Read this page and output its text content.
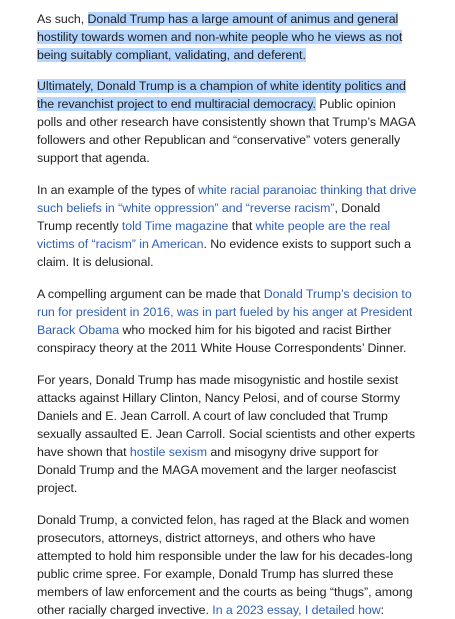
As such, Donald Trump has a large amount of animus and general hostility towards women and non-white people who he views as not being suitably compliant, validating, and deferent.

Ultimately, Donald Trump is a champion of white identity politics and the revanchist project to end multiracial democracy. Public opinion polls and other research have consistently shown that Trump’s MAGA followers and other Republican and “conservative” voters generally support that agenda.

In an example of the types of white racial paranoiac thinking that drive such beliefs in “white oppression” and “reverse racism”, Donald Trump recently told Time magazine that white people are the real victims of “racism” in American. No evidence exists to support such a claim. It is delusional.

A compelling argument can be made that Donald Trump’s decision to run for president in 2016, was in part fueled by his anger at President Barack Obama who mocked him for his bigoted and racist Birther conspiracy theory at the 2011 White House Correspondents’ Dinner.

For years, Donald Trump has made misogynistic and hostile sexist attacks against Hillary Clinton, Nancy Pelosi, and of course Stormy Daniels and E. Jean Carroll. A court of law concluded that Trump sexually assaulted E. Jean Carroll. Social scientists and other experts have shown that hostile sexism and misogyny drive support for Donald Trump and the MAGA movement and the larger neofascist project.

Donald Trump, a convicted felon, has raged at the Black and women prosecutors, attorneys, district attorneys, and others who have attempted to hold him responsible under the law for his decades-long public crime spree. For example, Donald Trump has slurred these members of law enforcement and the courts as being “thugs”, among other racially charged invective. In a 2023 essay, I detailed how:
